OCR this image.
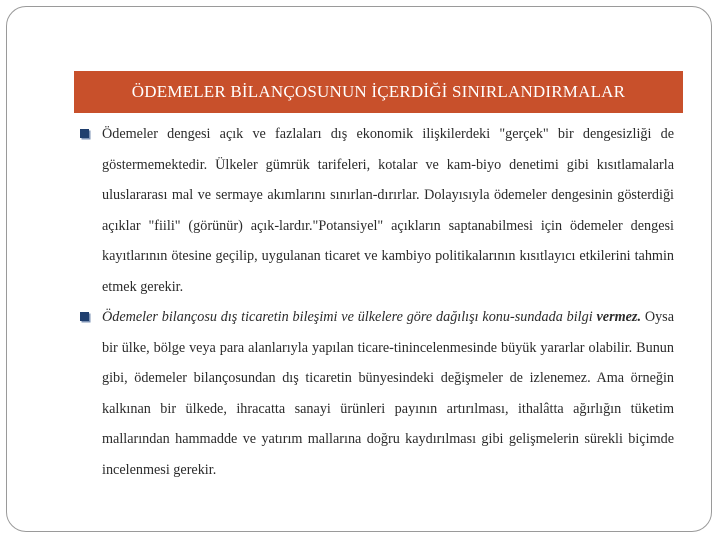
ÖDEMELER BİLANÇOSUNUN İÇERDİĞİ SINIRLANDIRMALAR
Ödemeler dengesi açık ve fazlaları dış ekonomik ilişkilerdeki "gerçek" bir dengesizliği de göstermemektedir. Ülkeler gümrük tarifeleri, kotalar ve kam-biyo denetimi gibi kısıtlamalarla uluslararası mal ve sermaye akımlarını sınırlan-dırırlar. Dolayısıyla ödemeler dengesinin gösterdiği açıklar "fiili" (görünür) açık-lardır."Potansiyel" açıkların saptanabilmesi için ödemeler dengesi kayıtlarının ötesine geçilip, uygulanan ticaret ve kambiyo politikalarının kısıtlayıcı etkilerini tahmin etmek gerekir.
Ödemeler bilançosu dış ticaretin bileşimi ve ülkelere göre dağılışı konu-sundada bilgi vermez. Oysa bir ülke, bölge veya para alanlarıyla yapılan ticare-tinincelenmesinde büyük yararlar olabilir. Bunun gibi, ödemeler bilançosundan dış ticaretin bünyesindeki değişmeler de izlenemez. Ama örneğin kalkınan bir ülkede, ihracatta sanayi ürünleri payının artırılması, ithalâtta ağırlığın tüketim mallarından hammadde ve yatırım mallarına doğru kaydırılması gibi gelişmelerin sürekli biçimde incelenmesi gerekir.
